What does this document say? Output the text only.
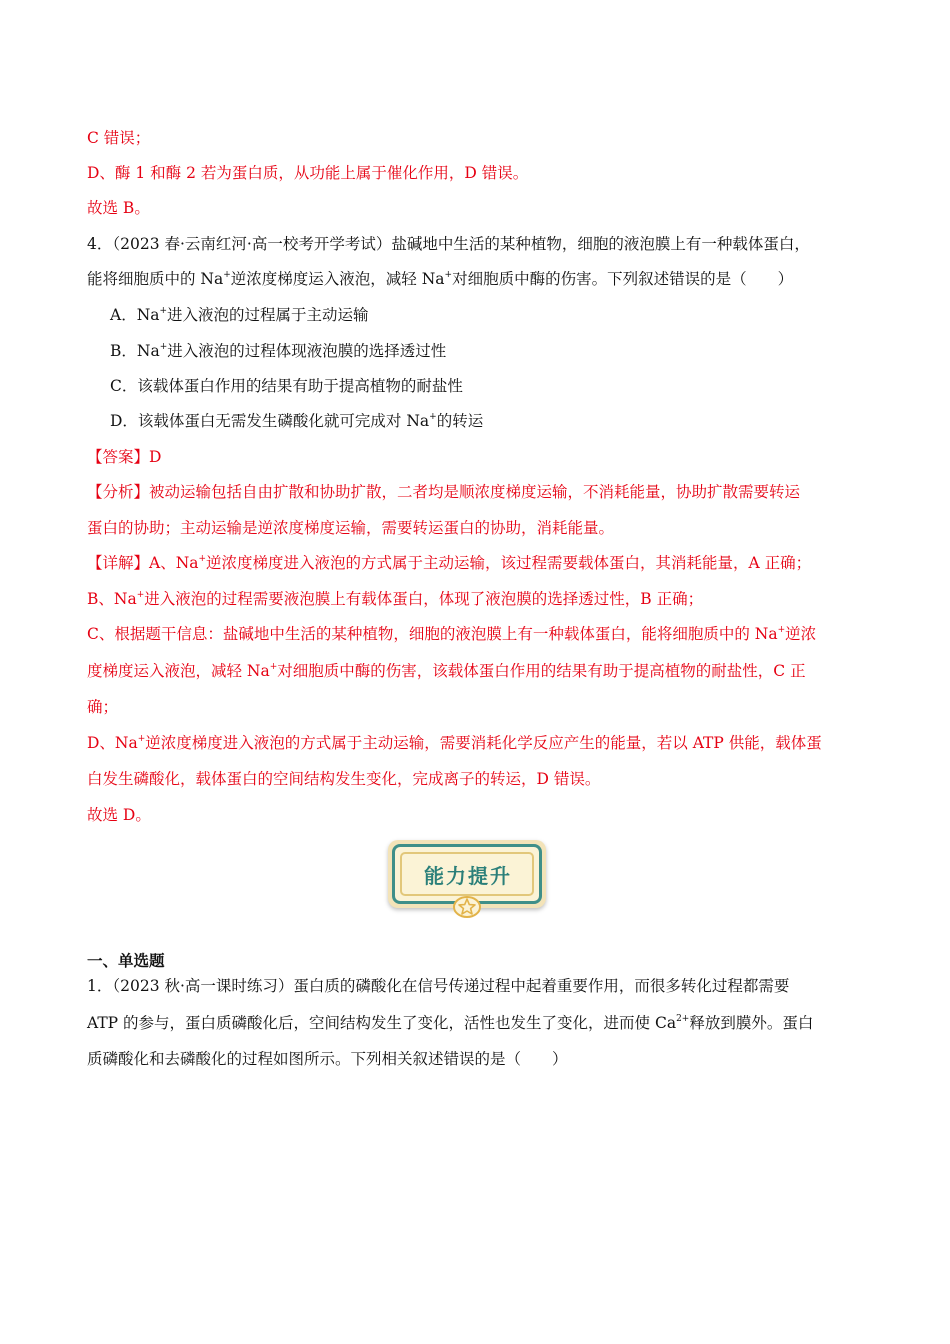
C 错误；
D、酶 1 和酶 2 若为蛋白质，从功能上属于催化作用，D 错误。
故选 B。
4．（2023 春·云南红河·高一校考开学考试）盐碱地中生活的某种植物，细胞的液泡膜上有一种载体蛋白，
能将细胞质中的 Na+逆浓度梯度运入液泡，减轻 Na+对细胞质中酶的伤害。下列叙述错误的是（　　）
A．Na+进入液泡的过程属于主动运输
B．Na+进入液泡的过程体现液泡膜的选择透过性
C．该载体蛋白作用的结果有助于提高植物的耐盐性
D．该载体蛋白无需发生磷酸化就可完成对 Na+的转运
【答案】D
【分析】被动运输包括自由扩散和协助扩散，二者均是顺浓度梯度运输，不消耗能量，协助扩散需要转运
蛋白的协助；主动运输是逆浓度梯度运输，需要转运蛋白的协助，消耗能量。
【详解】A、Na+逆浓度梯度进入液泡的方式属于主动运输，该过程需要载体蛋白，其消耗能量，A 正确；
B、Na+进入液泡的过程需要液泡膜上有载体蛋白，体现了液泡膜的选择透过性，B 正确；
C、根据题干信息：盐碱地中生活的某种植物，细胞的液泡膜上有一种载体蛋白，能将细胞质中的 Na+逆浓
度梯度运入液泡，减轻 Na+对细胞质中酶的伤害，该载体蛋白作用的结果有助于提高植物的耐盐性，C 正
确；
D、Na+逆浓度梯度进入液泡的方式属于主动运输，需要消耗化学反应产生的能量，若以 ATP 供能，载体蛋
白发生磷酸化，载体蛋白的空间结构发生变化，完成离子的转运，D 错误。
故选 D。
能力提升
一、单选题
1．（2023 秋·高一课时练习）蛋白质的磷酸化在信号传递过程中起着重要作用，而很多转化过程都需要
ATP 的参与，蛋白质磷酸化后，空间结构发生了变化，活性也发生了变化，进而使 $Ca^{2+}$释放到膜外。蛋白
质磷酸化和去磷酸化的过程如图所示。下列相关叙述错误的是（　　）
